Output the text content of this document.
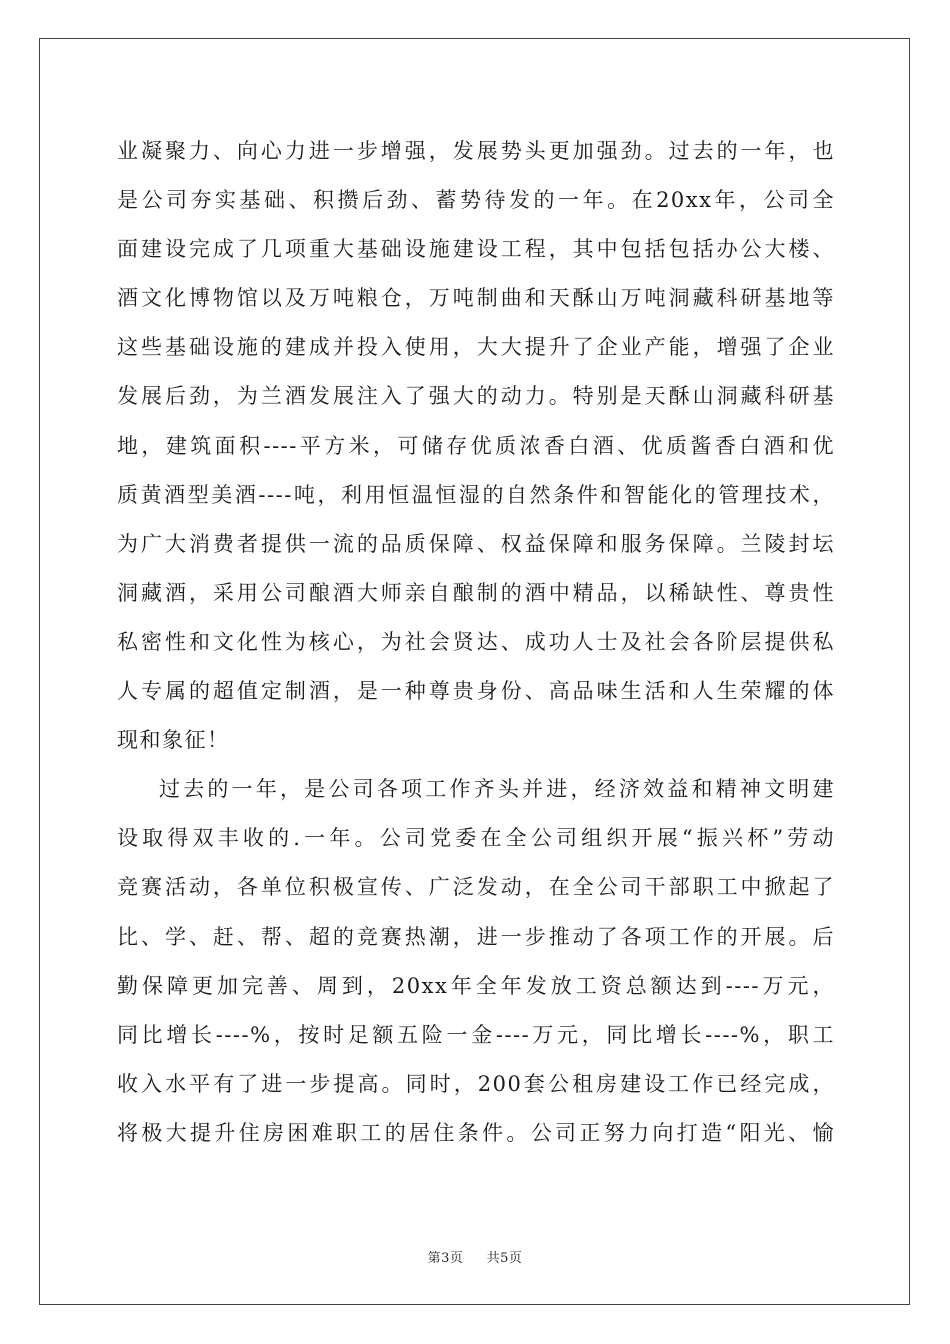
业凝聚力、向心力进一步增强，发展势头更加强劲。过去的一年，也
是公司夯实基础、积攒后劲、蓄势待发的一年。在20xx年，公司全
面建设完成了几项重大基础设施建设工程，其中包括包括办公大楼、
酒文化博物馆以及万吨粮仓，万吨制曲和天酥山万吨洞藏科研基地等
这些基础设施的建成并投入使用，大大提升了企业产能，增强了企业
发展后劲，为兰酒发展注入了强大的动力。特别是天酥山洞藏科研基
地，建筑面积----平方米，可储存优质浓香白酒、优质酱香白酒和优
质黄酒型美酒----吨，利用恒温恒湿的自然条件和智能化的管理技术，
为广大消费者提供一流的品质保障、权益保障和服务保障。兰陵封坛
洞藏酒，采用公司酿酒大师亲自酿制的酒中精品，以稀缺性、尊贵性
私密性和文化性为核心，为社会贤达、成功人士及社会各阶层提供私
人专属的超值定制酒，是一种尊贵身份、高品味生活和人生荣耀的体
现和象征！
过去的一年，是公司各项工作齐头并进，经济效益和精神文明建
设取得双丰收的.一年。公司党委在全公司组织开展“振兴杯”劳动
竞赛活动，各单位积极宣传、广泛发动，在全公司干部职工中掀起了
比、学、赶、帮、超的竞赛热潮，进一步推动了各项工作的开展。后
勤保障更加完善、周到，20xx年全年发放工资总额达到----万元，
同比增长----%，按时足额五险一金----万元，同比增长----%，职工
收入水平有了进一步提高。同时，200套公租房建设工作已经完成，
将极大提升住房困难职工的居住条件。公司正努力向打造“阳光、愉
第3页 共5页
